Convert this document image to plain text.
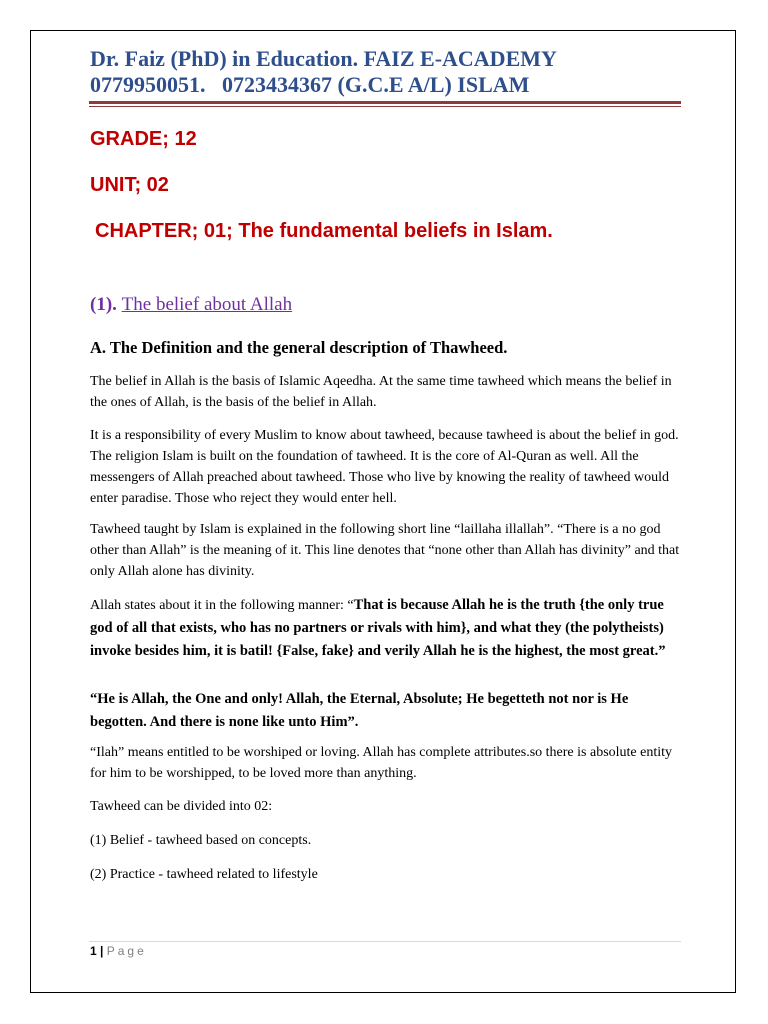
Dr. Faiz (PhD) in Education. FAIZ E-ACADEMY
0779950051.   0723434367 (G.C.E A/L) ISLAM
GRADE; 12
UNIT; 02
CHAPTER; 01; The fundamental beliefs in Islam.
(1). The belief about Allah
A. The Definition and the general description of Thawheed.

The belief in Allah is the basis of Islamic Aqeedha. At the same time tawheed which means the belief in the ones of Allah, is the basis of the belief in Allah.

It is a responsibility of every Muslim to know about tawheed, because tawheed is about the belief in god. The religion Islam is built on the foundation of tawheed. It is the core of Al-Quran as well. All the messengers of Allah preached about tawheed. Those who live by knowing the reality of tawheed would enter paradise. Those who reject they would enter hell.

Tawheed taught by Islam is explained in the following short line “laillaha illallah”. “There is a no god other than Allah” is the meaning of it. This line denotes that “none other than Allah has divinity” and that only Allah alone has divinity.

Allah states about it in the following manner: “That is because Allah he is the truth {the only true god of all that exists, who has no partners or rivals with him}, and what they (the polytheists) invoke besides him, it is batil! {False, fake} and verily Allah he is the highest, the most great.”

“He is Allah, the One and only! Allah, the Eternal, Absolute; He begetteth not nor is He begotten. And there is none like unto Him”.

“Ilah” means entitled to be worshiped or loving. Allah has complete attributes.so there is absolute entity for him to be worshipped, to be loved more than anything.

Tawheed can be divided into 02:

(1) Belief - tawheed based on concepts.

(2) Practice - tawheed related to lifestyle

1 | Page
